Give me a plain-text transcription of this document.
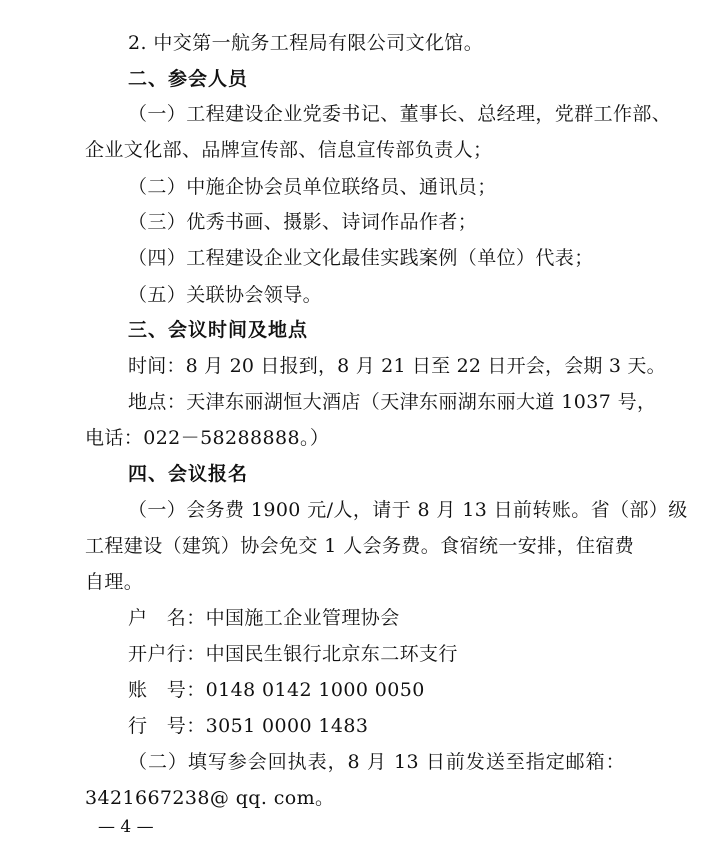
2. 中交第一航务工程局有限公司文化馆。
二、参会人员
（一）工程建设企业党委书记、董事长、总经理，党群工作部、
企业文化部、品牌宣传部、信息宣传部负责人；
（二）中施企协会员单位联络员、通讯员；
（三）优秀书画、摄影、诗词作品作者；
（四）工程建设企业文化最佳实践案例（单位）代表；
（五）关联协会领导。
三、会议时间及地点
时间：8 月 20 日报到，8 月 21 日至 22 日开会，会期 3 天。
地点：天津东丽湖恒大酒店（天津东丽湖东丽大道 1037 号，
电话：022－58288888。）
四、会议报名
（一）会务费 1900 元/人，请于 8 月 13 日前转账。省（部）级
工程建设（建筑）协会免交 1 人会务费。食宿统一安排，住宿费
自理。
户　名：中国施工企业管理协会
开户行：中国民生银行北京东二环支行
账　号：0148 0142 1000 0050
行　号：3051 0000 1483
（二）填写参会回执表，8 月 13 日前发送至指定邮箱：
3421667238@ qq. com。
— 4 —
